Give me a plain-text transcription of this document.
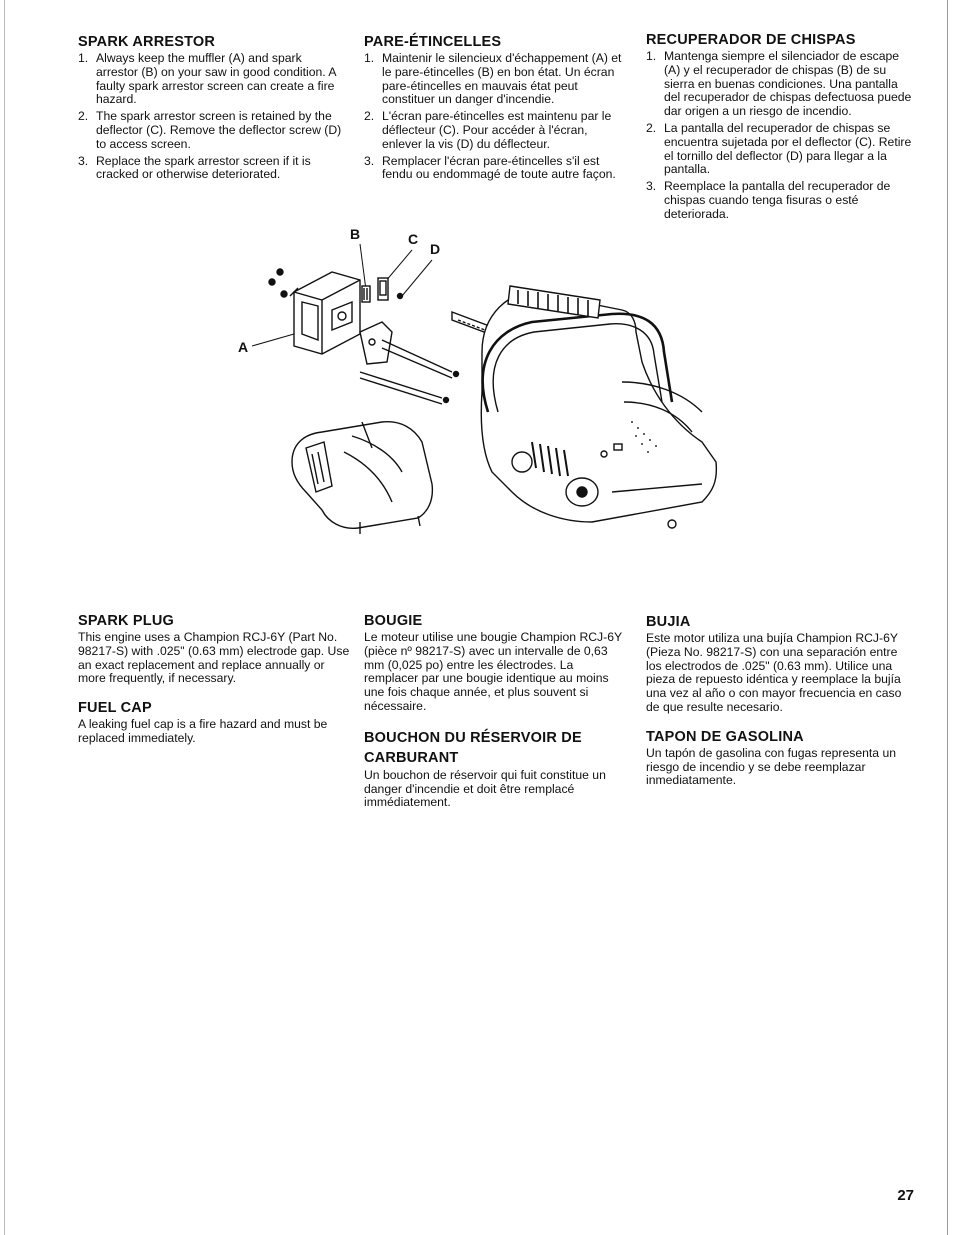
SPARK ARRESTOR
1. Always keep the muffler (A) and spark arrestor (B) on your saw in good condition. A faulty spark arrestor screen can create a fire hazard.
2. The spark arrestor screen is retained by the deflector (C). Remove the deflector screw (D) to access screen.
3. Replace the spark arrestor screen if it is cracked or otherwise deteriorated.
PARE-ÉTINCELLES
1. Maintenir le silencieux d'échappement (A) et le pare-étincelles (B) en bon état. Un écran pare-étincelles en mauvais état peut constituer un danger d'incendie.
2. L'écran pare-étincelles est maintenu par le déflecteur (C). Pour accéder à l'écran, enlever la vis (D) du déflecteur.
3. Remplacer l'écran pare-étincelles s'il est fendu ou endommagé de toute autre façon.
RECUPERADOR DE CHISPAS
1. Mantenga siempre el silenciador de escape (A) y el recuperador de chispas (B) de su sierra en buenas condiciones. Una pantalla del recuperador de chispas defectuosa puede dar origen a un riesgo de incendio.
2. La pantalla del recuperador de chispas se encuentra sujetada por el deflector (C). Retire el tornillo del deflector (D) para llegar a la pantalla.
3. Reemplace la pantalla del recuperador de chispas cuando tenga fisuras o esté deteriorada.
B	C
D
A
SPARK PLUG

This engine uses a Champion RCJ-6Y (Part No. 98217-S) with .025" (0.63 mm) electrode gap. Use an exact replacement and replace annually or more frequently, if necessary.

FUEL CAP

A leaking fuel cap is a fire hazard and must be replaced immediately.

BOUGIE

Le moteur utilise une bougie Champion RCJ-6Y (pièce nº 98217-S) avec un intervalle de 0,63 mm (0,025 po) entre les électrodes. La remplacer par une bougie identique au moins une fois chaque année, et plus souvent si nécessaire.

BOUCHON DU RÉSERVOIR DE CARBURANT

Un bouchon de réservoir qui fuit constitue un danger d'incendie et doit être remplacé immédiatement.

BUJIA

Este motor utiliza una bujía Champion RCJ-6Y (Pieza No. 98217-S) con una separación entre los electrodos de .025" (0.63 mm). Utilice una pieza de repuesto idéntica y reemplace la bujía una vez al año o con mayor frecuencia en caso de que resulte necesario.

TAPON DE GASOLINA

Un tapón de gasolina con fugas representa un riesgo de incendio y se debe reemplazar inmediatamente.

27
